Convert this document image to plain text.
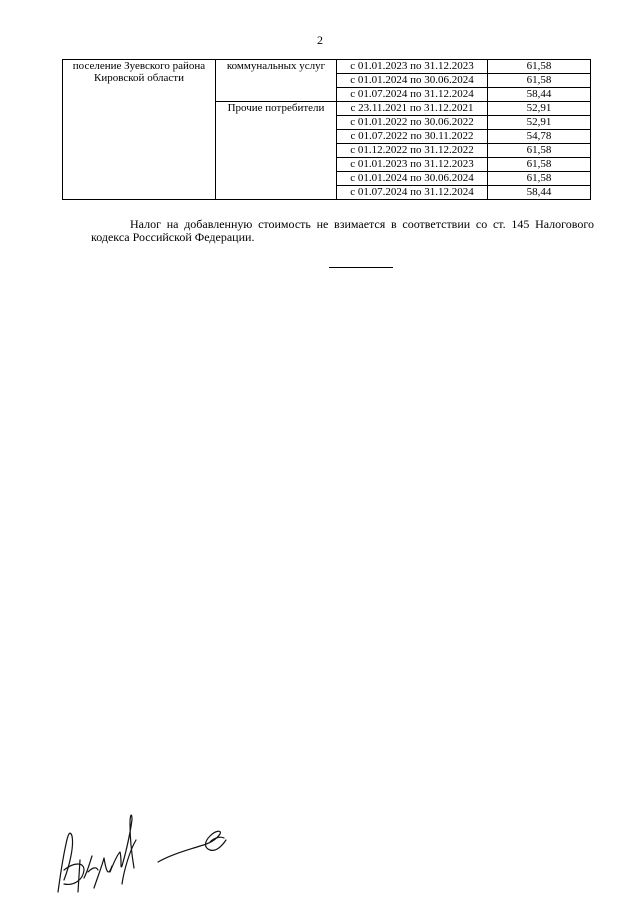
2
поселение Зуевского района Кировской области	коммунальных услуг	с 01.01.2023 по 31.12.2023	61,58
		с 01.01.2024 по 30.06.2024	61,58
		с 01.07.2024 по 31.12.2024	58,44
	Прочие потребители	с 23.11.2021 по 31.12.2021	52,91
		с 01.01.2022 по 30.06.2022	52,91
		с 01.07.2022 по 30.11.2022	54,78
		с 01.12.2022 по 31.12.2022	61,58
		с 01.01.2023 по 31.12.2023	61,58
		с 01.01.2024 по 30.06.2024	61,58
		с 01.07.2024 по 31.12.2024	58,44

Налог на добавленную стоимость не взимается в соответствии со ст. 145 Налогового кодекса Российской Федерации.
